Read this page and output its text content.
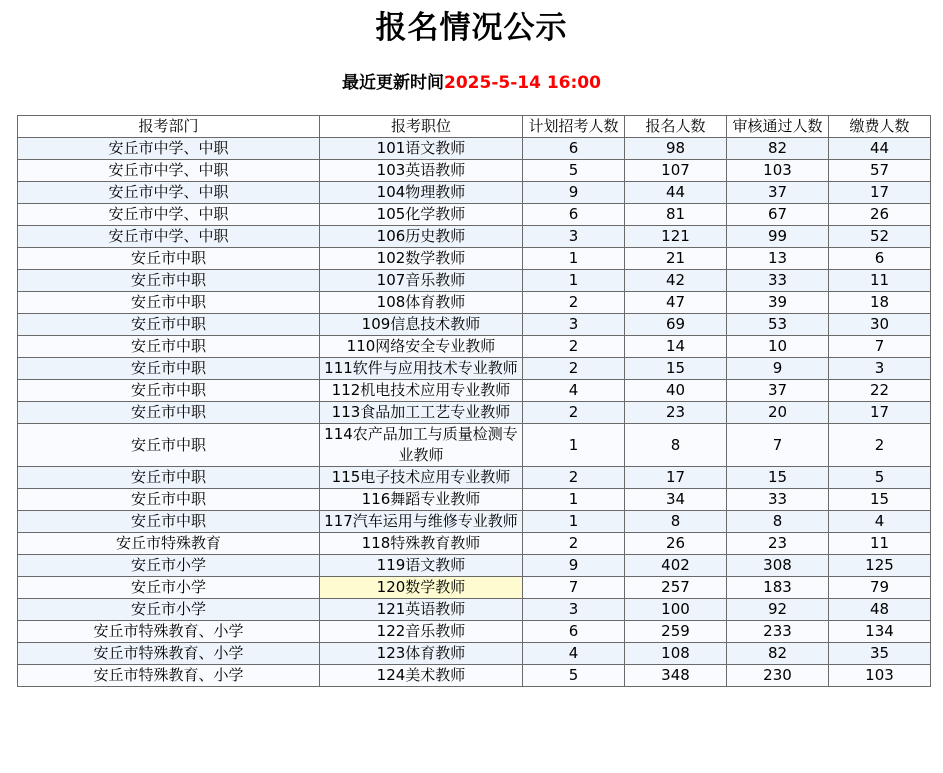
报名情况公示
最近更新时间2025-5-14 16:00
报考部门	报考职位	计划招考人数	报名人数	审核通过人数	缴费人数
安丘市中学、中职	101语文教师	6	98	82	44
安丘市中学、中职	103英语教师	5	107	103	57
安丘市中学、中职	104物理教师	9	44	37	17
安丘市中学、中职	105化学教师	6	81	67	26
安丘市中学、中职	106历史教师	3	121	99	52
安丘市中职	102数学教师	1	21	13	6
安丘市中职	107音乐教师	1	42	33	11
安丘市中职	108体育教师	2	47	39	18
安丘市中职	109信息技术教师	3	69	53	30
安丘市中职	110网络安全专业教师	2	14	10	7
安丘市中职	111软件与应用技术专业教师	2	15	9	3
安丘市中职	112机电技术应用专业教师	4	40	37	22
安丘市中职	113食品加工工艺专业教师	2	23	20	17
安丘市中职	114农产品加工与质量检测专业教师	1	8	7	2
安丘市中职	115电子技术应用专业教师	2	17	15	5
安丘市中职	116舞蹈专业教师	1	34	33	15
安丘市中职	117汽车运用与维修专业教师	1	8	8	4
安丘市特殊教育	118特殊教育教师	2	26	23	11
安丘市小学	119语文教师	9	402	308	125
安丘市小学	120数学教师	7	257	183	79
安丘市小学	121英语教师	3	100	92	48
安丘市特殊教育、小学	122音乐教师	6	259	233	134
安丘市特殊教育、小学	123体育教师	4	108	82	35
安丘市特殊教育、小学	124美术教师	5	348	230	103
